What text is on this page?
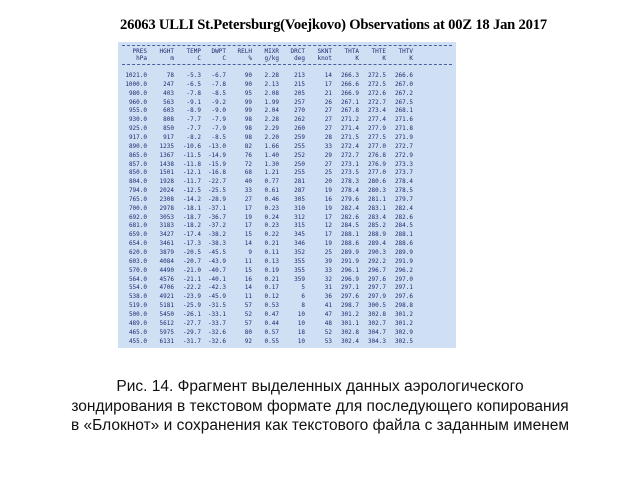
26063 ULLI St.Petersburg(Voejkovo) Observations at 00Z 18 Jan 2017
PRES	HGHT	TEMP	DWPT	RELH	MIXR	DRCT	SKNT	THTA	THTE	THTV
hPa	m	C	C	%	g/kg	deg	knot	K	K	K
1021.0	78	-5.3	-6.7	90	2.28	213	14	266.3	272.5	266.6
1000.0	247	-6.5	-7.8	90	2.13	215	17	266.6	272.5	267.0
980.0	403	-7.8	-8.5	95	2.08	205	21	266.9	272.6	267.2
960.0	563	-9.1	-9.2	99	1.99	257	26	267.1	272.7	267.5
955.0	603	-8.9	-9.0	99	2.04	270	27	267.8	273.4	268.1
930.0	808	-7.7	-7.9	98	2.28	262	27	271.2	277.4	271.6
925.0	850	-7.7	-7.9	98	2.29	260	27	271.4	277.9	271.8
917.0	917	-8.2	-8.5	98	2.20	259	28	271.5	277.5	271.9
890.0	1235	-10.6	-13.0	82	1.66	255	33	272.4	277.0	272.7
865.0	1367	-11.5	-14.9	76	1.40	252	29	272.7	276.8	272.9
857.0	1438	-11.8	-15.9	72	1.30	250	27	273.1	276.9	273.3
850.0	1501	-12.1	-16.8	68	1.21	255	25	273.5	277.0	273.7
804.0	1928	-11.7	-22.7	40	0.77	281	20	278.3	280.6	278.4
794.0	2024	-12.5	-25.5	33	0.61	287	19	278.4	280.3	278.5
765.0	2308	-14.2	-28.9	27	0.46	305	16	279.6	281.1	279.7
700.0	2978	-18.1	-37.1	17	0.23	310	19	282.4	283.1	282.4
692.0	3053	-18.7	-36.7	19	0.24	312	17	282.6	283.4	282.6
681.0	3183	-18.2	-37.2	17	0.23	315	12	284.5	285.2	284.5
659.0	3427	-17.4	-38.2	15	0.22	345	17	288.1	288.9	288.1
654.0	3461	-17.3	-38.3	14	0.21	346	19	288.6	289.4	288.6
620.0	3879	-20.5	-45.5	9	0.11	352	25	289.9	290.3	289.9
603.0	4084	-20.7	-43.9	11	0.13	355	39	291.9	292.2	291.9
570.0	4490	-21.0	-40.7	15	0.19	355	33	296.1	296.7	296.2
564.0	4576	-21.1	-40.1	16	0.21	359	32	296.9	297.6	297.0
554.0	4706	-22.2	-42.3	14	0.17	5	31	297.1	297.7	297.1
538.0	4921	-23.9	-45.9	11	0.12	6	36	297.6	297.9	297.6
519.0	5181	-25.9	-31.5	57	0.53	8	41	298.7	300.5	298.8
500.0	5450	-26.1	-33.1	52	0.47	10	47	301.2	302.8	301.2
489.0	5612	-27.7	-33.7	57	0.44	10	48	301.1	302.7	301.2
465.0	5975	-29.7	-32.6	80	0.57	18	52	302.8	304.7	302.9
455.0	6131	-31.7	-32.6	92	0.55	10	53	302.4	304.3	302.5
Рис. 14. Фрагмент выделенных данных аэрологического
зондирования в текстовом формате для последующего копирования
в «Блокнот» и сохранения как текстового файла с заданным именем
